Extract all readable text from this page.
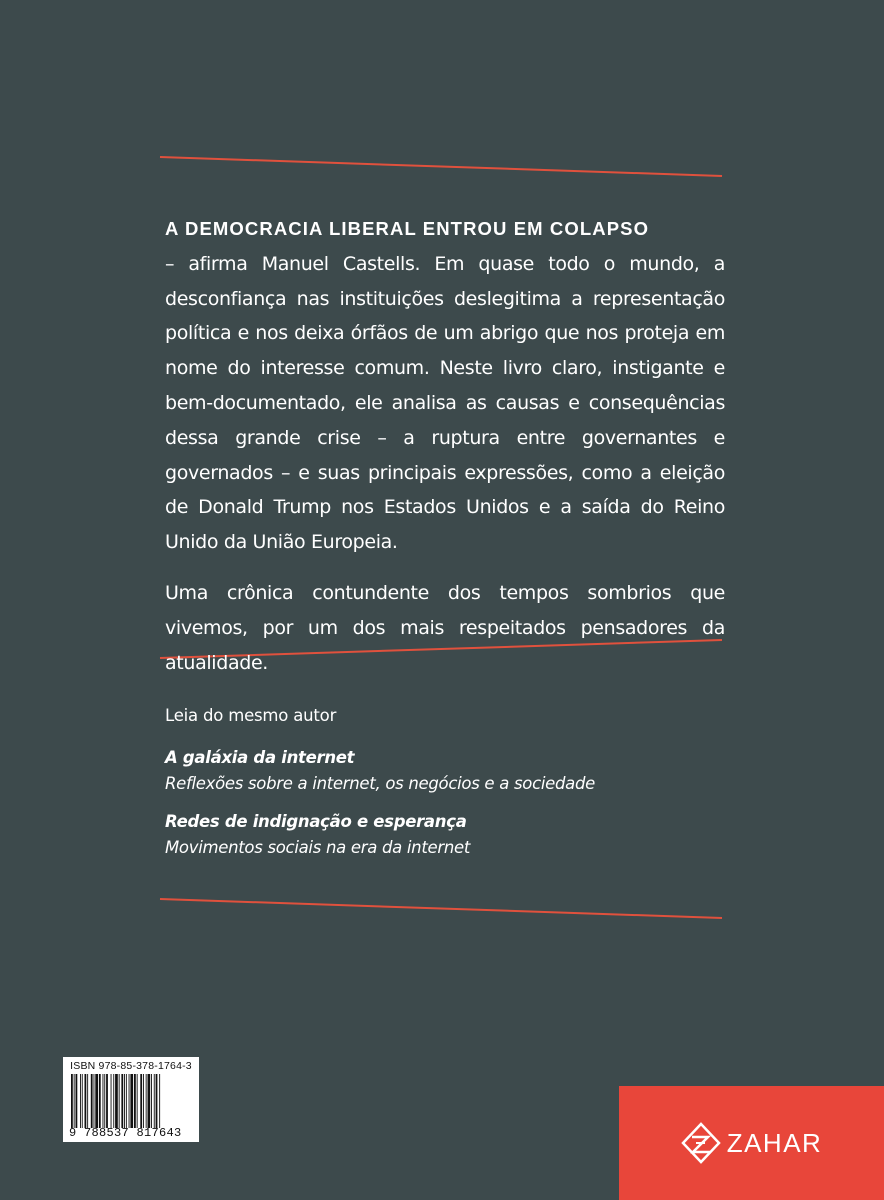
A DEMOCRACIA LIBERAL ENTROU EM COLAPSO
– afirma Manuel Castells. Em quase todo o mundo, a desconfiança nas instituições deslegitima a representação política e nos deixa órfãos de um abrigo que nos proteja em nome do interesse comum. Neste livro claro, instigante e bem-documentado, ele analisa as causas e consequências dessa grande crise – a ruptura entre governantes e governados – e suas principais expressões, como a eleição de Donald Trump nos Estados Unidos e a saída do Reino Unido da União Europeia.

Uma crônica contundente dos tempos sombrios que vivemos, por um dos mais respeitados pensadores da atualidade.

Leia do mesmo autor
A galáxia da internet
Reflexões sobre a internet, os negócios e a sociedade
Redes de indignação e esperança
Movimentos sociais na era da internet
ISBN 978-85-378-1764-3
9 788537 817643	ZAHAR
